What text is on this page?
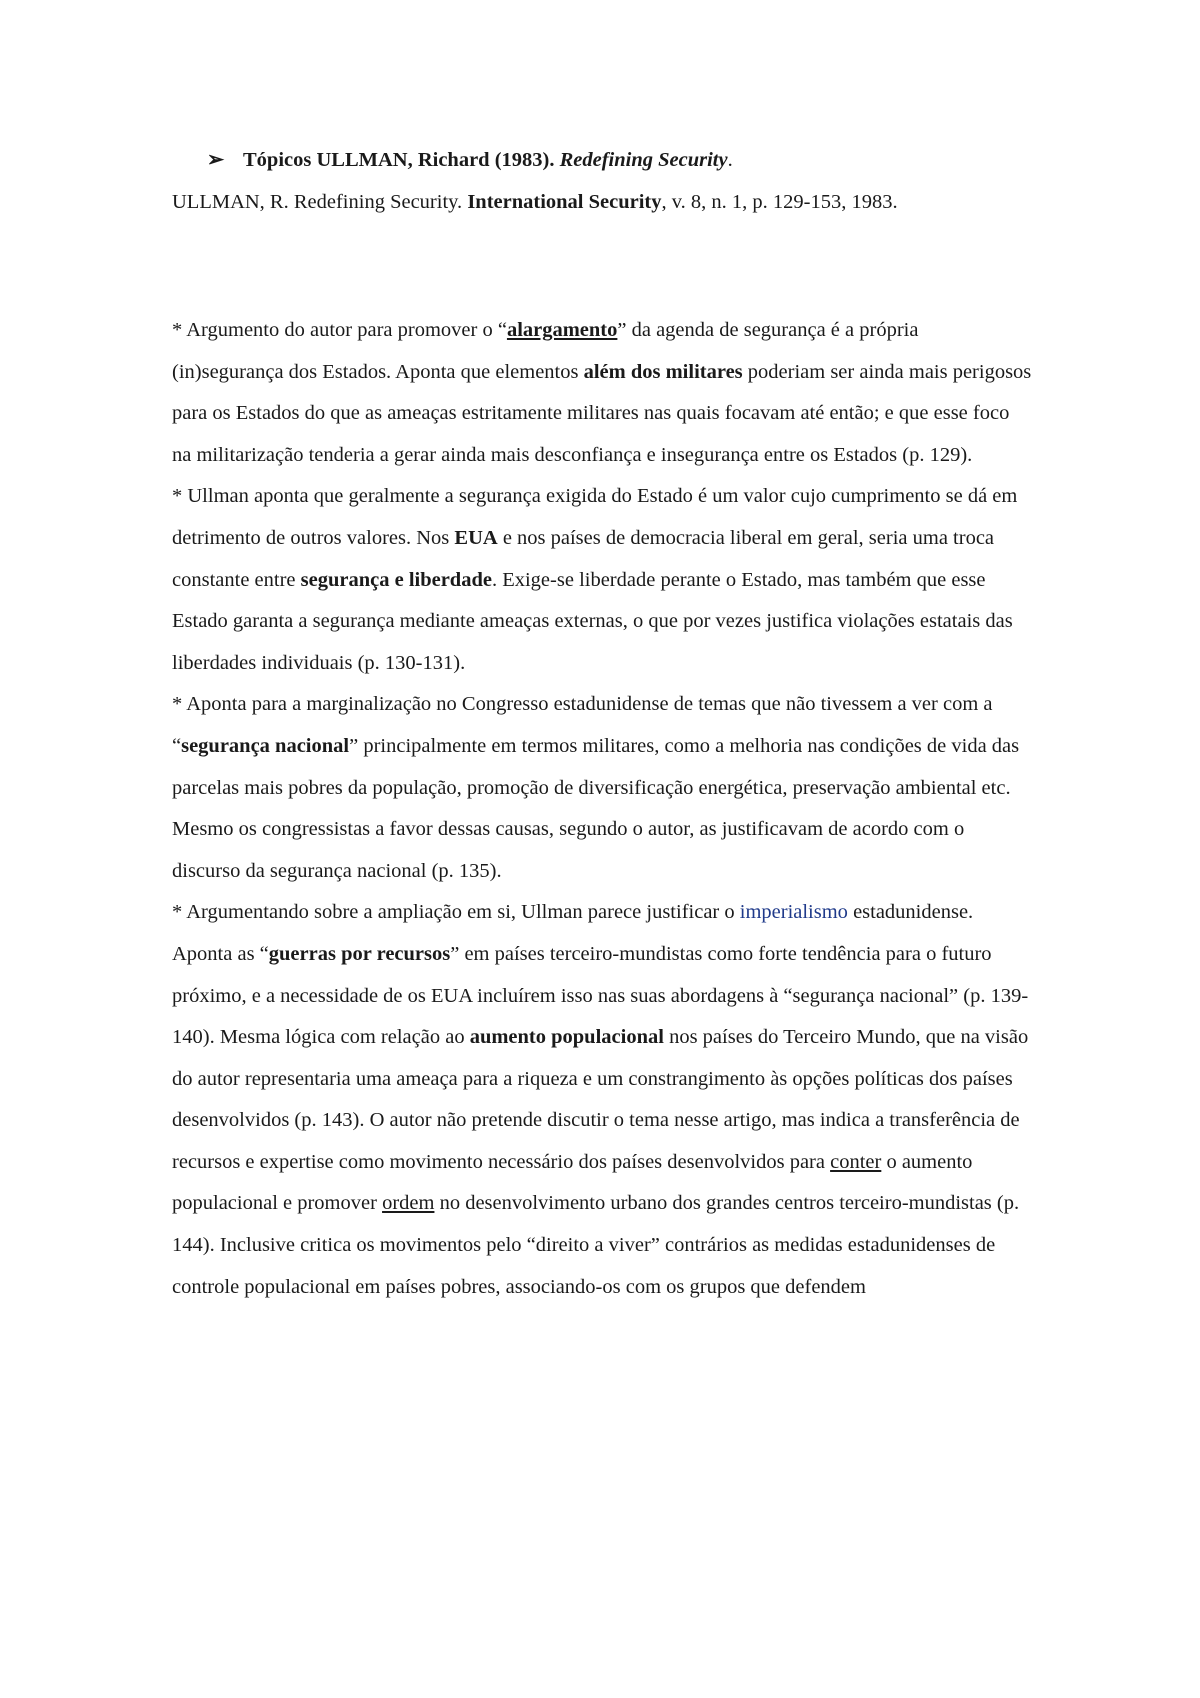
➢ Tópicos ULLMAN, Richard (1983). Redefining Security.
ULLMAN, R. Redefining Security. International Security, v. 8, n. 1, p. 129-153, 1983.

* Argumento do autor para promover o “alargamento” da agenda de segurança é a própria (in)segurança dos Estados. Aponta que elementos além dos militares poderiam ser ainda mais perigosos para os Estados do que as ameaças estritamente militares nas quais focavam até então; e que esse foco na militarização tenderia a gerar ainda mais desconfiança e insegurança entre os Estados (p. 129).

* Ullman aponta que geralmente a segurança exigida do Estado é um valor cujo cumprimento se dá em detrimento de outros valores. Nos EUA e nos países de democracia liberal em geral, seria uma troca constante entre segurança e liberdade. Exige-se liberdade perante o Estado, mas também que esse Estado garanta a segurança mediante ameaças externas, o que por vezes justifica violações estatais das liberdades individuais (p. 130-131).

* Aponta para a marginalização no Congresso estadunidense de temas que não tivessem a ver com a “segurança nacional” principalmente em termos militares, como a melhoria nas condições de vida das parcelas mais pobres da população, promoção de diversificação energética, preservação ambiental etc. Mesmo os congressistas a favor dessas causas, segundo o autor, as justificavam de acordo com o discurso da segurança nacional (p. 135).

* Argumentando sobre a ampliação em si, Ullman parece justificar o imperialismo estadunidense. Aponta as “guerras por recursos” em países terceiro-mundistas como forte tendência para o futuro próximo, e a necessidade de os EUA incluírem isso nas suas abordagens à “segurança nacional” (p. 139-140). Mesma lógica com relação ao aumento populacional nos países do Terceiro Mundo, que na visão do autor representaria uma ameaça para a riqueza e um constrangimento às opções políticas dos países desenvolvidos (p. 143). O autor não pretende discutir o tema nesse artigo, mas indica a transferência de recursos e expertise como movimento necessário dos países desenvolvidos para conter o aumento populacional e promover ordem no desenvolvimento urbano dos grandes centros terceiro-mundistas (p. 144). Inclusive critica os movimentos pelo “direito a viver” contrários as medidas estadunidenses de controle populacional em países pobres, associando-os com os grupos que defendem
